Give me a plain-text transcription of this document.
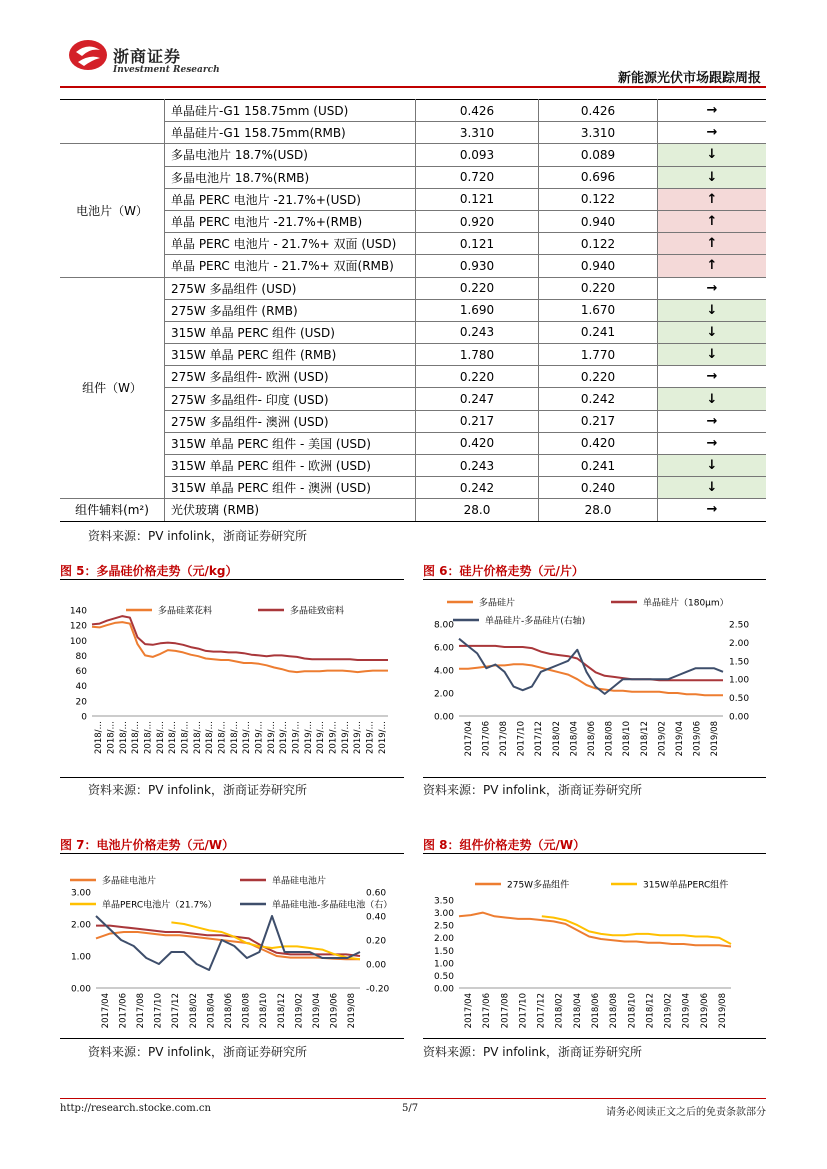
浙商证券
Investment Research
新能源光伏市场跟踪周报
	单晶硅片-G1 158.75mm (USD)	0.426	0.426	→
	单晶硅片-G1 158.75mm(RMB)	3.310	3.310	→
电池片（W）	多晶电池片 18.7%(USD)	0.093	0.089	↓
	多晶电池片 18.7%(RMB)	0.720	0.696	↓
	单晶 PERC 电池片 -21.7%+(USD)	0.121	0.122	↑
	单晶 PERC 电池片 -21.7%+(RMB)	0.920	0.940	↑
	单晶 PERC 电池片 - 21.7%+ 双面 (USD)	0.121	0.122	↑
	单晶 PERC 电池片 - 21.7%+ 双面(RMB)	0.930	0.940	↑
组件（W）	275W 多晶组件 (USD)	0.220	0.220	→
	275W 多晶组件 (RMB)	1.690	1.670	↓
	315W 单晶 PERC 组件 (USD)	0.243	0.241	↓
	315W 单晶 PERC 组件 (RMB)	1.780	1.770	↓
	275W 多晶组件- 欧洲 (USD)	0.220	0.220	→
	275W 多晶组件- 印度 (USD)	0.247	0.242	↓
	275W 多晶组件- 澳洲 (USD)	0.217	0.217	→
	315W 单晶 PERC 组件 - 美国 (USD)	0.420	0.420	→
	315W 单晶 PERC 组件 - 欧洲 (USD)	0.243	0.241	↓
	315W 单晶 PERC 组件 - 澳洲 (USD)	0.242	0.240	↓
组件辅料(m²)	光伏玻璃 (RMB)	28.0	28.0	→
资料来源：PV infolink，浙商证券研究所
图 5：多晶硅价格走势（元/kg）	图 6：硅片价格走势（元/片）
0
20
40
60
80
100
120
140
2018/… 2018/… 2018/… 2018/… 2018/… 2018/… 2018/… 2018/… 2018/… 2018/… 2018/… 2018/… 2019/… 2019/… 2019/… 2019/… 2019/… 2019/… 2019/… 2019/… 2019/… 2019/… 2019/… 2019/…
多晶硅菜花料	多晶硅致密料
0.00
2.00
4.00
6.00
8.00
0.00
0.50
1.00
1.50
2.00
2.50
2017/04 2017/06 2017/08 2017/10 2017/12 2018/02 2018/04 2018/06 2018/08 2018/10 2018/12 2019/02 2019/04 2019/06 2019/08
多晶硅片	单晶硅片（180μm）
单晶硅片-多晶硅片(右轴)
资料来源：PV infolink，浙商证券研究所	资料来源：PV infolink，浙商证券研究所
图 7：电池片价格走势（元/W）	图 8：组件价格走势（元/W）
0.00
1.00
2.00
3.00
-0.20
0.00
0.20
0.40
0.60
2017/04 2017/06 2017/08 2017/10 2017/12 2018/02 2018/04 2018/06 2018/08 2018/10 2018/12 2019/02 2019/04 2019/06 2019/08
多晶硅电池片	单晶硅电池片
单晶PERC电池片（21.7%）	单晶硅电池-多晶硅电池（右）
0.00
0.50
1.00
1.50
2.00
2.50
3.00
3.50
2017/04 2017/06 2017/08 2017/10 2017/12 2018/02 2018/04 2018/06 2018/08 2018/10 2018/12 2019/02 2019/04 2019/06 2019/08
275W多晶组件	315W单晶PERC组件
资料来源：PV infolink，浙商证券研究所	资料来源：PV infolink，浙商证券研究所
http://research.stocke.com.cn	5/7	请务必阅读正文之后的免责条款部分
